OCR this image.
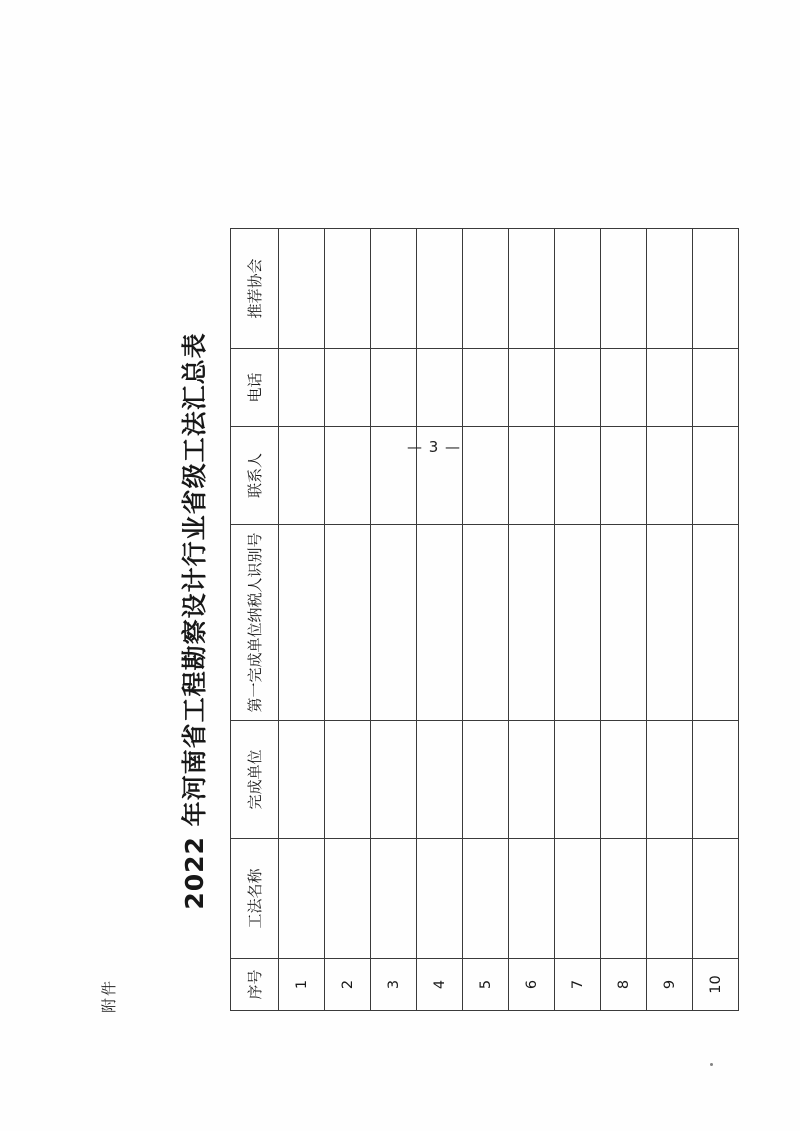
附件
2022 年河南省工程勘察设计行业省级工法汇总表
序号	工法名称	完成单位	第一完成单位纳税人识别号	联系人	电话	推荐协会
1						
2						
3						
4						
5						
6						
7						
8						
9						
10						
— 3 —
